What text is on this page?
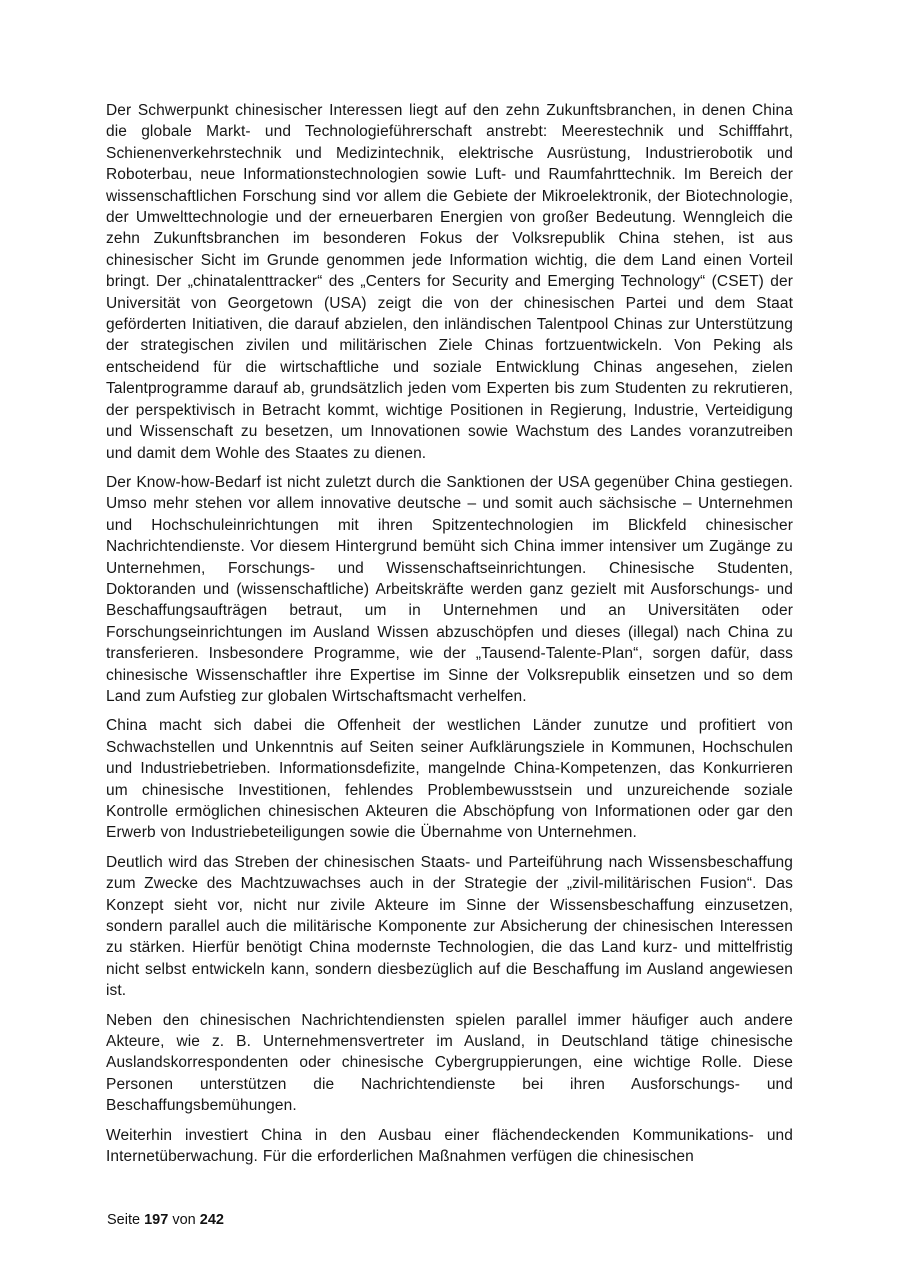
Der Schwerpunkt chinesischer Interessen liegt auf den zehn Zukunftsbranchen, in denen China die globale Markt- und Technologieführerschaft anstrebt: Meerestechnik und Schifffahrt, Schienenverkehrstechnik und Medizintechnik, elektrische Ausrüstung, Industrierobotik und Roboterbau, neue Informationstechnologien sowie Luft- und Raumfahrttechnik. Im Bereich der wissenschaftlichen Forschung sind vor allem die Gebiete der Mikroelektronik, der Biotechnologie, der Umwelttechnologie und der erneuerbaren Energien von großer Bedeutung. Wenngleich die zehn Zukunftsbranchen im besonderen Fokus der Volksrepublik China stehen, ist aus chinesischer Sicht im Grunde genommen jede Information wichtig, die dem Land einen Vorteil bringt. Der „chinatalenttracker“ des „Centers for Security and Emerging Technology“ (CSET) der Universität von Georgetown (USA) zeigt die von der chinesischen Partei und dem Staat geförderten Initiativen, die darauf abzielen, den inländischen Talentpool Chinas zur Unterstützung der strategischen zivilen und militärischen Ziele Chinas fortzuentwickeln. Von Peking als entscheidend für die wirtschaftliche und soziale Entwicklung Chinas angesehen, zielen Talentprogramme darauf ab, grundsätzlich jeden vom Experten bis zum Studenten zu rekrutieren, der perspektivisch in Betracht kommt, wichtige Positionen in Regierung, Industrie, Verteidigung und Wissenschaft zu besetzen, um Innovationen sowie Wachstum des Landes voranzutreiben und damit dem Wohle des Staates zu dienen.

Der Know-how-Bedarf ist nicht zuletzt durch die Sanktionen der USA gegenüber China gestiegen. Umso mehr stehen vor allem innovative deutsche – und somit auch sächsische – Unternehmen und Hochschuleinrichtungen mit ihren Spitzentechnologien im Blickfeld chinesischer Nachrichtendienste. Vor diesem Hintergrund bemüht sich China immer intensiver um Zugänge zu Unternehmen, Forschungs- und Wissenschaftseinrichtungen. Chinesische Studenten, Doktoranden und (wissenschaftliche) Arbeitskräfte werden ganz gezielt mit Ausforschungs- und Beschaffungsaufträgen betraut, um in Unternehmen und an Universitäten oder Forschungseinrichtungen im Ausland Wissen abzuschöpfen und dieses (illegal) nach China zu transferieren. Insbesondere Programme, wie der „Tausend-Talente-Plan“, sorgen dafür, dass chinesische Wissenschaftler ihre Expertise im Sinne der Volksrepublik einsetzen und so dem Land zum Aufstieg zur globalen Wirtschaftsmacht verhelfen.

China macht sich dabei die Offenheit der westlichen Länder zunutze und profitiert von Schwachstellen und Unkenntnis auf Seiten seiner Aufklärungsziele in Kommunen, Hochschulen und Industriebetrieben. Informationsdefizite, mangelnde China-Kompetenzen, das Konkurrieren um chinesische Investitionen, fehlendes Problembewusstsein und unzureichende soziale Kontrolle ermöglichen chinesischen Akteuren die Abschöpfung von Informationen oder gar den Erwerb von Industriebeteiligungen sowie die Übernahme von Unternehmen.

Deutlich wird das Streben der chinesischen Staats- und Parteiführung nach Wissensbeschaffung zum Zwecke des Machtzuwachses auch in der Strategie der „zivil-militärischen Fusion“. Das Konzept sieht vor, nicht nur zivile Akteure im Sinne der Wissensbeschaffung einzusetzen, sondern parallel auch die militärische Komponente zur Absicherung der chinesischen Interessen zu stärken. Hierfür benötigt China modernste Technologien, die das Land kurz- und mittelfristig nicht selbst entwickeln kann, sondern diesbezüglich auf die Beschaffung im Ausland angewiesen ist.

Neben den chinesischen Nachrichtendiensten spielen parallel immer häufiger auch andere Akteure, wie z. B. Unternehmensvertreter im Ausland, in Deutschland tätige chinesische Auslandskorrespondenten oder chinesische Cybergruppierungen, eine wichtige Rolle. Diese Personen unterstützen die Nachrichtendienste bei ihren Ausforschungs- und Beschaffungsbemühungen.

Weiterhin investiert China in den Ausbau einer flächendeckenden Kommunikations- und Internetüberwachung. Für die erforderlichen Maßnahmen verfügen die chinesischen

Seite 197 von 242
